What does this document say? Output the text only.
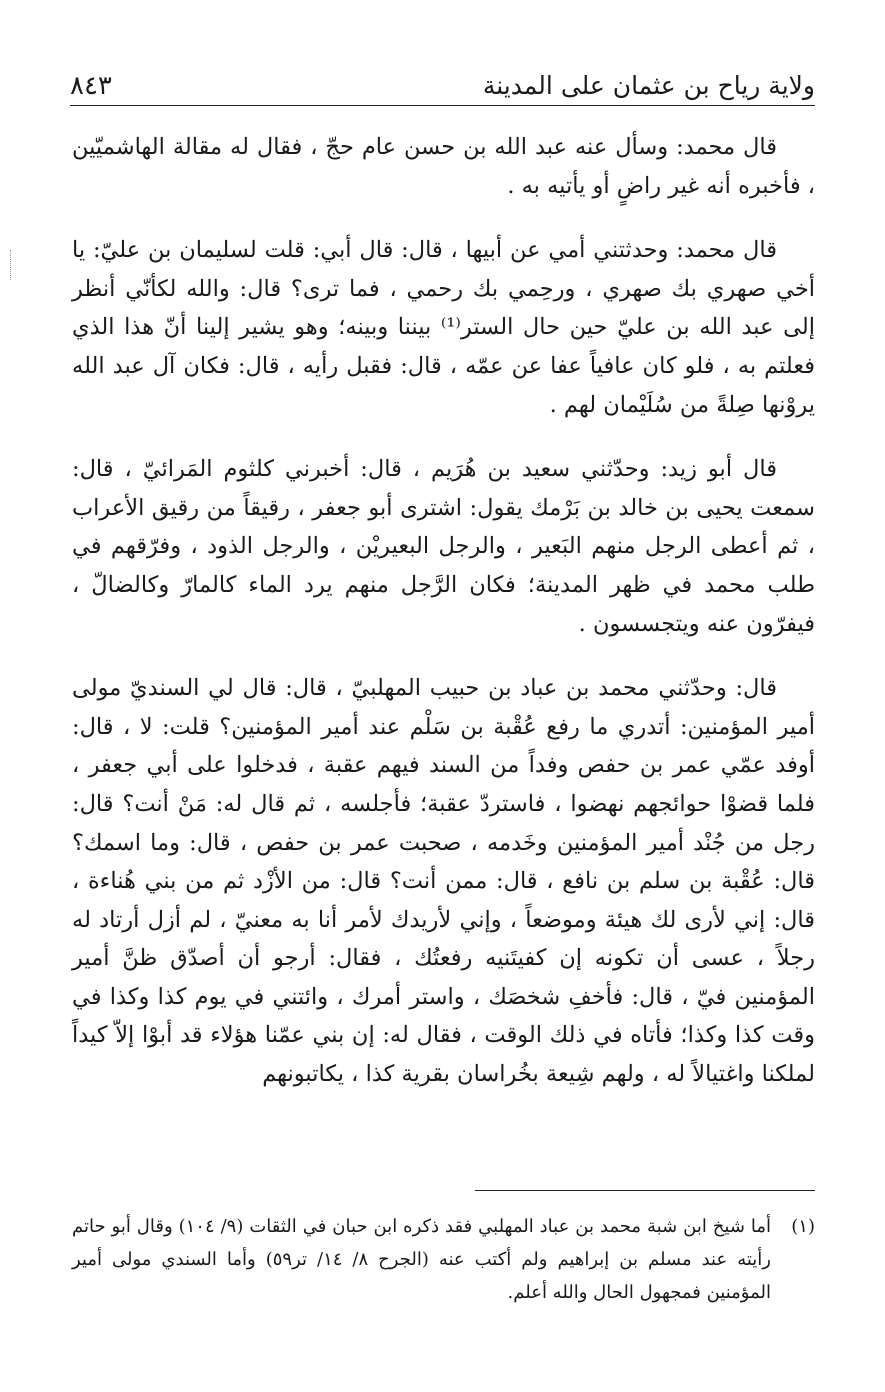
ولاية رياح بن عثمان على المدينة
٨٤٣

قال محمد: وسأل عنه عبد الله بن حسن عام حجّ ، فقال له مقالة الهاشميّين ، فأخبره أنه غير راضٍ أو يأتيه به .

قال محمد: وحدثتني أمي عن أبيها ، قال: قال أبي: قلت لسليمان بن عليّ: يا أخي صهري بك صهري ، ورحِمي بك رحمي ، فما ترى؟ قال: والله لكأنّي أنظر إلى عبد الله بن عليّ حين حال الستر⁽¹⁾ بيننا وبينه؛ وهو يشير إلينا أنّ هذا الذي فعلتم به ، فلو كان عافياً عفا عن عمّه ، قال: فقبل رأيه ، قال: فكان آل عبد الله يروْنها صِلةً من سُلَيْمان لهم .

قال أبو زيد: وحدّثني سعيد بن هُرَيم ، قال: أخبرني كلثوم المَرائيّ ، قال: سمعت يحيى بن خالد بن بَرْمك يقول: اشترى أبو جعفر ، رقيقاً من رقيق الأعراب ، ثم أعطى الرجل منهم البَعير ، والرجل البعيريْن ، والرجل الذود ، وفرّقهم في طلب محمد في ظهر المدينة؛ فكان الرَّجل منهم يرد الماء كالمارّ وكالضالّ ، فيفرّون عنه ويتجسسون .

قال: وحدّثني محمد بن عباد بن حبيب المهلبيّ ، قال: قال لي السنديّ مولى أمير المؤمنين: أتدري ما رفع عُقْبة بن سَلْم عند أمير المؤمنين؟ قلت: لا ، قال: أوفد عمّي عمر بن حفص وفداً من السند فيهم عقبة ، فدخلوا على أبي جعفر ، فلما قضوْا حوائجهم نهضوا ، فاستردّ عقبة؛ فأجلسه ، ثم قال له: مَنْ أنت؟ قال: رجل من جُنْد أمير المؤمنين وخَدمه ، صحبت عمر بن حفص ، قال: وما اسمك؟ قال: عُقْبة بن سلم بن نافع ، قال: ممن أنت؟ قال: من الأزْد ثم من بني هُناءة ، قال: إني لأرى لك هيئة وموضعاً ، وإني لأريدك لأمر أنا به معنيّ ، لم أزل أرتاد له رجلاً ، عسى أن تكونه إن كفيتَنيه رفعتُك ، فقال: أرجو أن أصدّق ظنَّ أمير المؤمنين فيّ ، قال: فأخفِ شخصَك ، واستر أمرك ، وائتني في يوم كذا وكذا في وقت كذا وكذا؛ فأتاه في ذلك الوقت ، فقال له: إن بني عمّنا هؤلاء قد أبوْا إلاّ كيداً لملكنا واغتيالاً له ، ولهم شِيعة بخُراسان بقرية كذا ، يكاتبونهم

(١)
أما شيخ ابن شبة محمد بن عباد المهلبي فقد ذكره ابن حبان في الثقات (٩/ ١٠٤) وقال أبو حاتم رأيته عند مسلم بن إبراهيم ولم أكتب عنه (الجرح ٨/ ١٤/ تر٥٩) وأما السندي مولى أمير المؤمنين فمجهول الحال والله أعلم.
